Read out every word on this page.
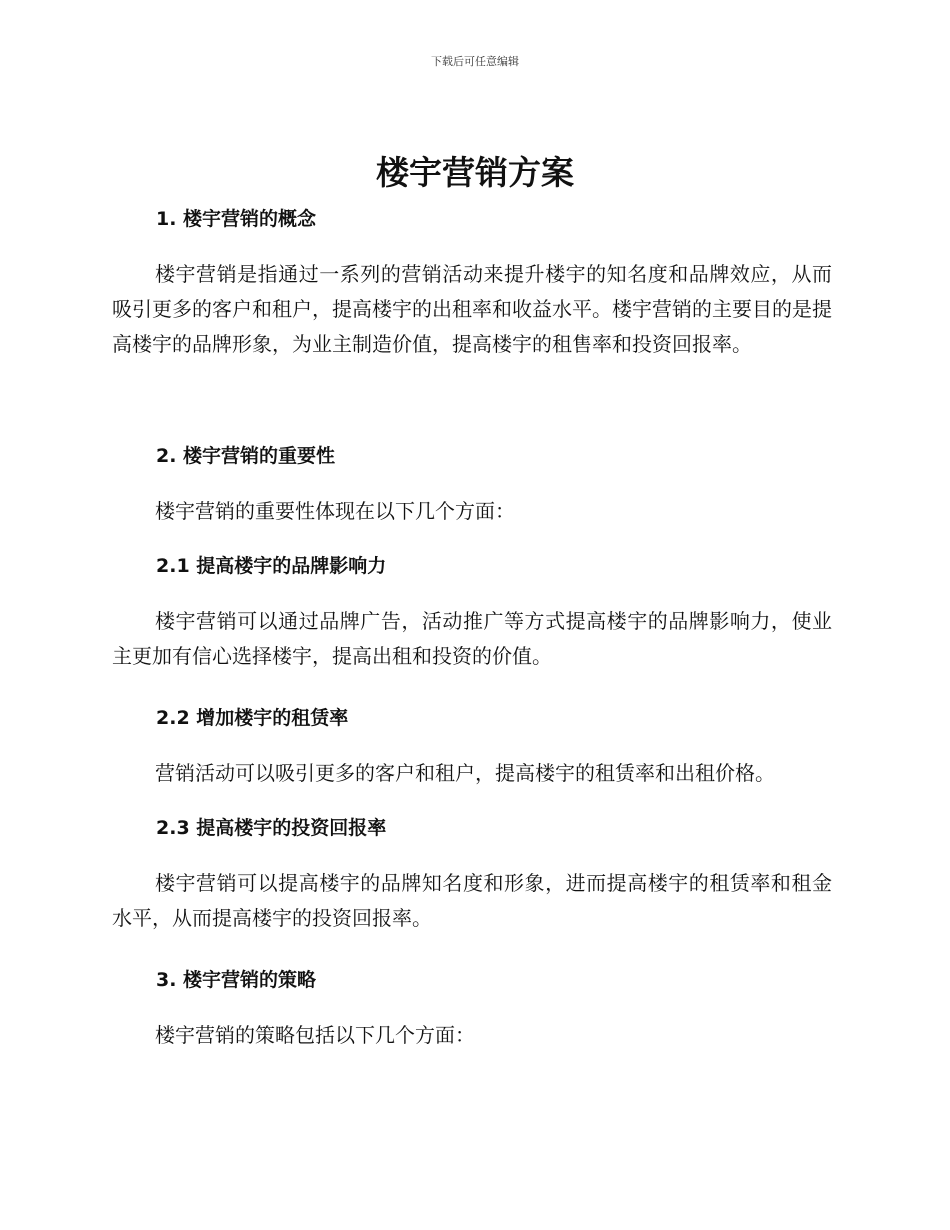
下载后可任意编辑
楼宇营销方案
1. 楼宇营销的概念

楼宇营销是指通过一系列的营销活动来提升楼宇的知名度和品牌效应，从而吸引更多的客户和租户，提高楼宇的出租率和收益水平。楼宇营销的主要目的是提高楼宇的品牌形象，为业主制造价值，提高楼宇的租售率和投资回报率。

2. 楼宇营销的重要性

楼宇营销的重要性体现在以下几个方面：

2.1 提高楼宇的品牌影响力

楼宇营销可以通过品牌广告，活动推广等方式提高楼宇的品牌影响力，使业主更加有信心选择楼宇，提高出租和投资的价值。

2.2 增加楼宇的租赁率

营销活动可以吸引更多的客户和租户，提高楼宇的租赁率和出租价格。

2.3 提高楼宇的投资回报率

楼宇营销可以提高楼宇的品牌知名度和形象，进而提高楼宇的租赁率和租金水平，从而提高楼宇的投资回报率。

3. 楼宇营销的策略

楼宇营销的策略包括以下几个方面：
